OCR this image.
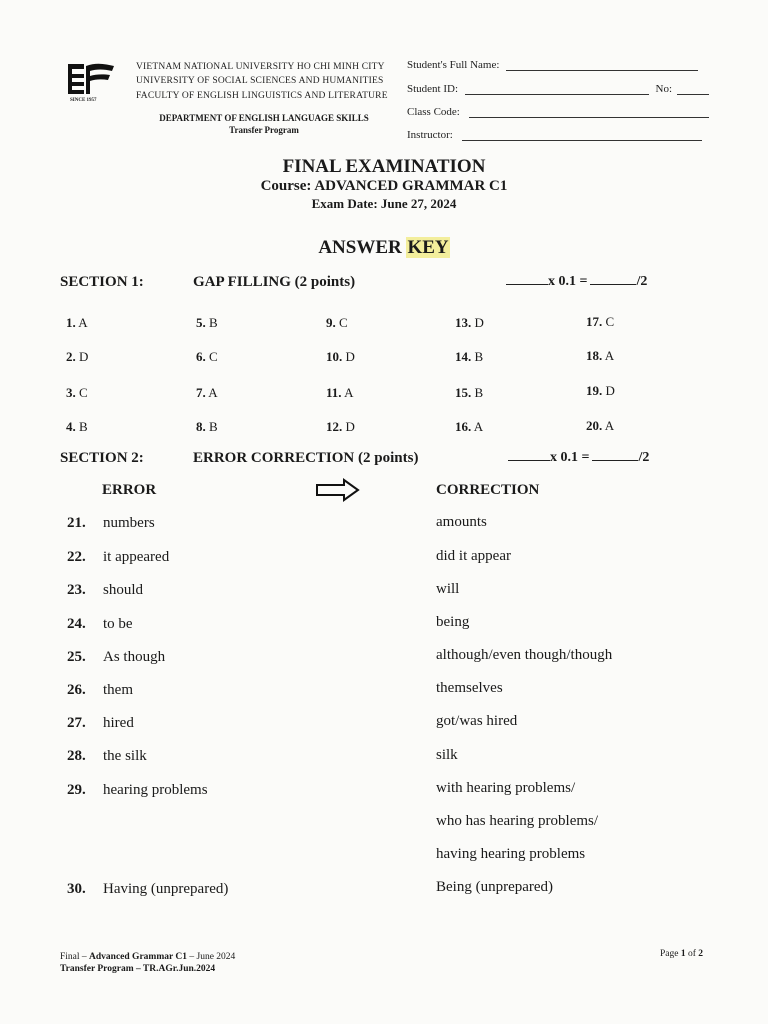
SINCE 1957
VIETNAM NATIONAL UNIVERSITY HO CHI MINH CITY
UNIVERSITY OF SOCIAL SCIENCES AND HUMANITIES
FACULTY OF ENGLISH LINGUISTICS AND LITERATURE
DEPARTMENT OF ENGLISH LANGUAGE SKILLS
Transfer Program
Student's Full Name:
Student ID:	No:
Class Code:
Instructor:
FINAL EXAMINATION
Course: ADVANCED GRAMMAR C1
Exam Date: June 27, 2024
ANSWER KEY
SECTION 1:	GAP FILLING (2 points)	x 0.1 =	/2
1. A
2. D
3. C
4. B
5. B
6. C
7. A
8. B
9. C
10. D
11. A
12. D
13. D
14. B
15. B
16. A
17. C
18. A
19. D
20. A
SECTION 2:	ERROR CORRECTION (2 points)	x 0.1 =	/2
ERROR	CORRECTION
21. numbers	amounts
22. it appeared	did it appear
23. should	will
24. to be	being
25. As though	although/even though/though
26. them	themselves
27. hired	got/was hired
28. the silk	silk
29. hearing problems	with hearing problems/
who has hearing problems/
having hearing problems
30. Having (unprepared)	Being (unprepared)
Final – Advanced Grammar C1 – June 2024
Transfer Program – TR.AGr.Jun.2024
Page 1 of 2
